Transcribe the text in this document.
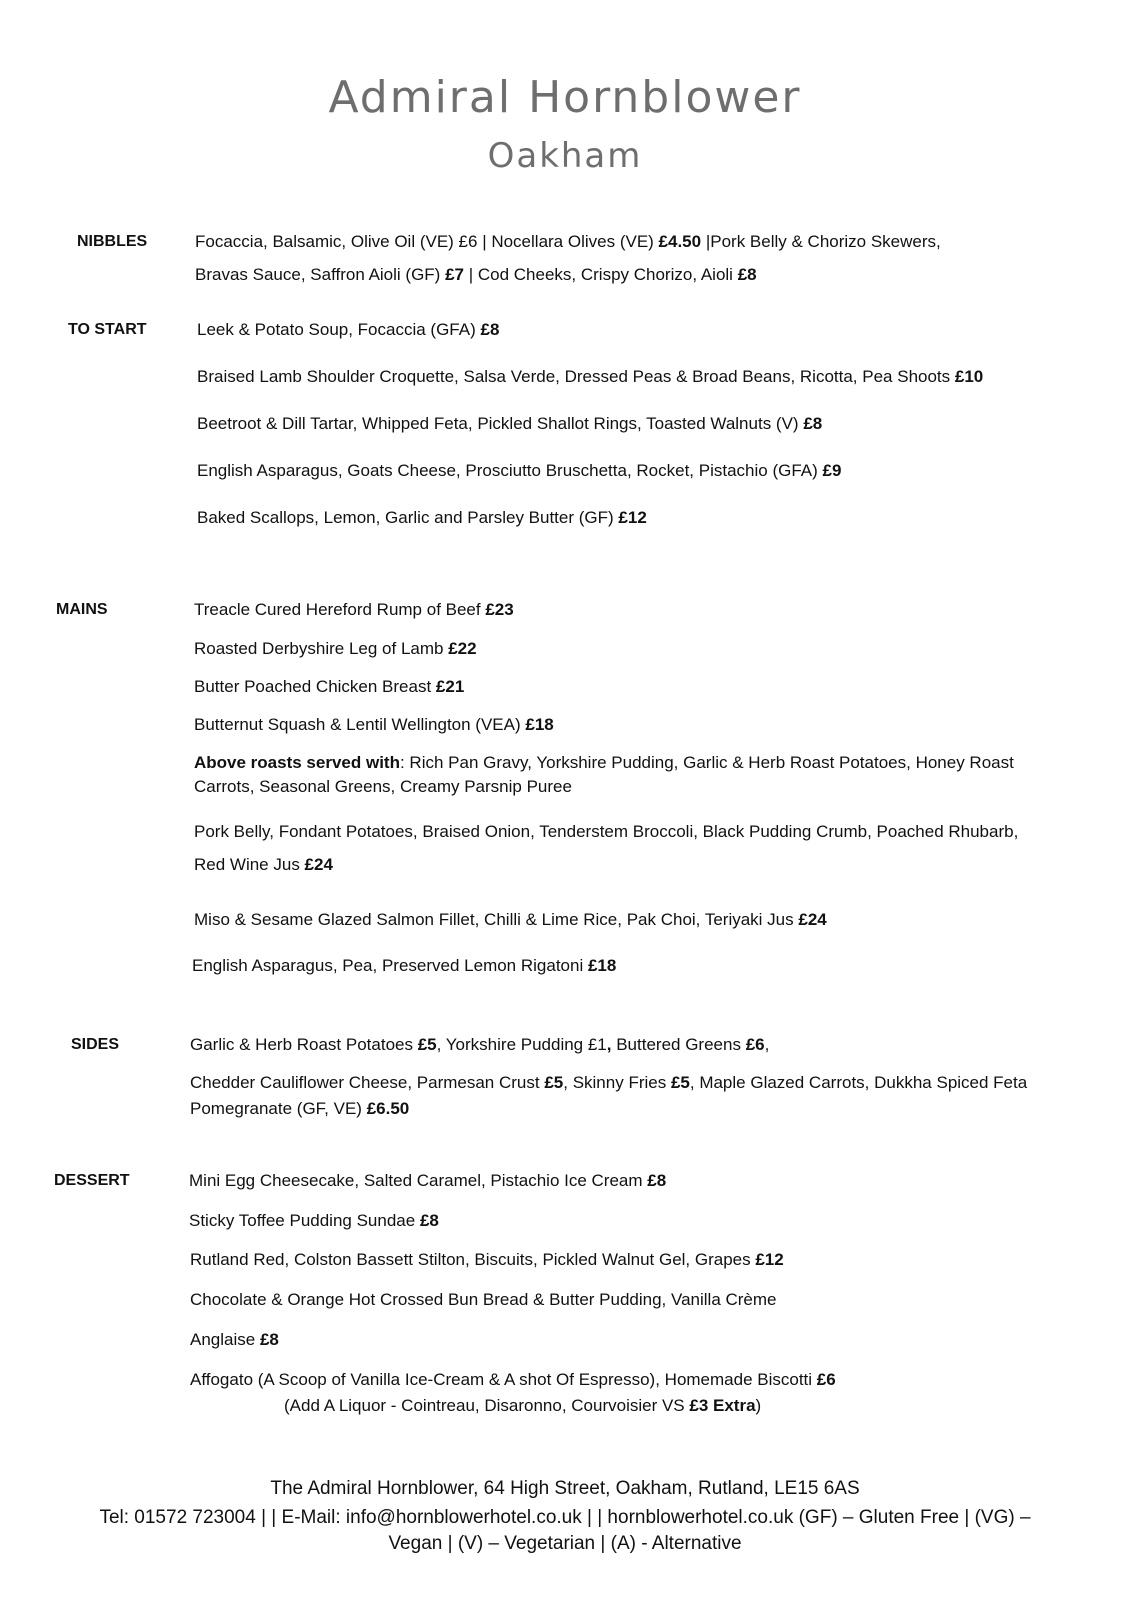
Admiral Hornblower
Oakham
NIBBLES	Focaccia, Balsamic, Olive Oil (VE) £6 | Nocellara Olives (VE) £4.50 |Pork Belly & Chorizo Skewers,
Bravas Sauce, Saffron Aioli (GF) £7 | Cod Cheeks, Crispy Chorizo, Aioli £8
TO START	Leek & Potato Soup, Focaccia (GFA) £8
Braised Lamb Shoulder Croquette, Salsa Verde, Dressed Peas & Broad Beans, Ricotta, Pea Shoots £10
Beetroot & Dill Tartar, Whipped Feta, Pickled Shallot Rings, Toasted Walnuts (V) £8
English Asparagus, Goats Cheese, Prosciutto Bruschetta, Rocket, Pistachio (GFA) £9
Baked Scallops, Lemon, Garlic and Parsley Butter (GF) £12
MAINS	Treacle Cured Hereford Rump of Beef £23
Roasted Derbyshire Leg of Lamb £22
Butter Poached Chicken Breast £21
Butternut Squash & Lentil Wellington (VEA) £18
Above roasts served with: Rich Pan Gravy, Yorkshire Pudding, Garlic & Herb Roast Potatoes, Honey Roast Carrots, Seasonal Greens, Creamy Parsnip Puree
Pork Belly, Fondant Potatoes, Braised Onion, Tenderstem Broccoli, Black Pudding Crumb, Poached Rhubarb,
Red Wine Jus £24
Miso & Sesame Glazed Salmon Fillet, Chilli & Lime Rice, Pak Choi, Teriyaki Jus £24
English Asparagus, Pea, Preserved Lemon Rigatoni £18
SIDES	Garlic & Herb Roast Potatoes £5, Yorkshire Pudding £1, Buttered Greens £6,
Chedder Cauliflower Cheese, Parmesan Crust £5, Skinny Fries £5, Maple Glazed Carrots, Dukkha Spiced Feta
Pomegranate (GF, VE) £6.50
DESSERT	Mini Egg Cheesecake, Salted Caramel, Pistachio Ice Cream £8
Sticky Toffee Pudding Sundae £8
Rutland Red, Colston Bassett Stilton, Biscuits, Pickled Walnut Gel, Grapes £12
Chocolate & Orange Hot Crossed Bun Bread & Butter Pudding, Vanilla Crème
Anglaise £8
Affogato (A Scoop of Vanilla Ice-Cream & A shot Of Espresso), Homemade Biscotti £6
(Add A Liquor - Cointreau, Disaronno, Courvoisier VS £3 Extra)
The Admiral Hornblower, 64 High Street, Oakham, Rutland, LE15 6AS
Tel: 01572 723004 | | E-Mail: info@hornblowerhotel.co.uk | | hornblowerhotel.co.uk (GF) – Gluten Free | (VG) –
Vegan | (V) – Vegetarian | (A) - Alternative
